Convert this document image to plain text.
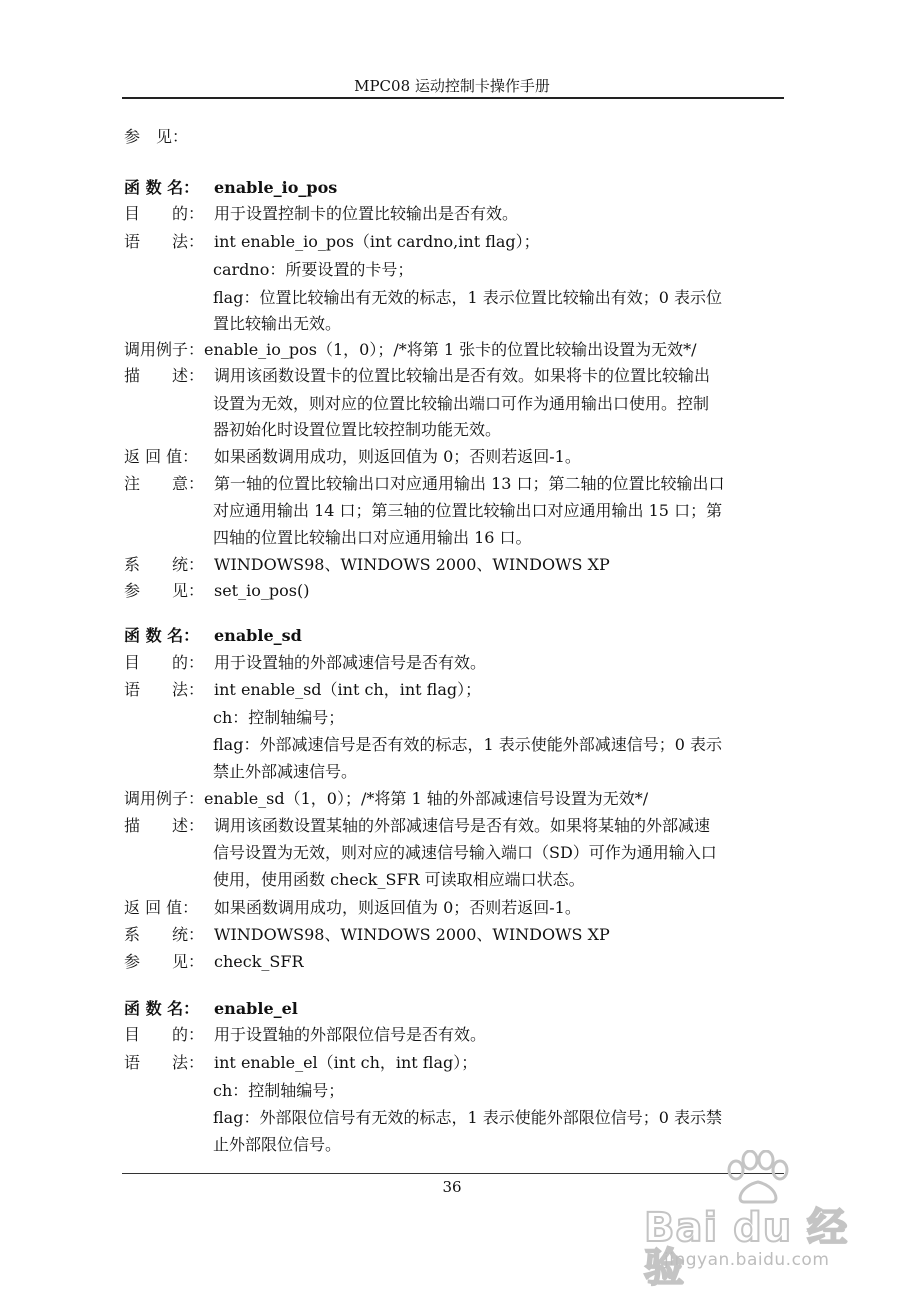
MPC08 运动控制卡操作手册
参　见：
函 数 名： enable_io_pos
目　　的： 用于设置控制卡的位置比较输出是否有效。
语　　法： int enable_io_pos（int cardno,int flag）；
cardno：所要设置的卡号；
flag：位置比较输出有无效的标志，1 表示位置比较输出有效；0 表示位
置比较输出无效。
调用例子：enable_io_pos（1，0）；/*将第 1 张卡的位置比较输出设置为无效*/
描　　述： 调用该函数设置卡的位置比较输出是否有效。如果将卡的位置比较输出
设置为无效，则对应的位置比较输出端口可作为通用输出口使用。控制
器初始化时设置位置比较控制功能无效。
返 回 值： 如果函数调用成功，则返回值为 0；否则若返回-1。
注　　意： 第一轴的位置比较输出口对应通用输出 13 口；第二轴的位置比较输出口
对应通用输出 14 口；第三轴的位置比较输出口对应通用输出 15 口；第
四轴的位置比较输出口对应通用输出 16 口。
系　　统： WINDOWS98、WINDOWS 2000、WINDOWS XP
参　　见： set_io_pos()
函 数 名： enable_sd
目　　的： 用于设置轴的外部减速信号是否有效。
语　　法： int enable_sd（int ch，int flag）；
ch：控制轴编号；
flag：外部减速信号是否有效的标志，1 表示使能外部减速信号；0 表示
禁止外部减速信号。
调用例子：enable_sd（1，0）；/*将第 1 轴的外部减速信号设置为无效*/
描　　述： 调用该函数设置某轴的外部减速信号是否有效。如果将某轴的外部减速
信号设置为无效，则对应的减速信号输入端口（SD）可作为通用输入口
使用，使用函数 check_SFR 可读取相应端口状态。
返 回 值： 如果函数调用成功，则返回值为 0；否则若返回-1。
系　　统： WINDOWS98、WINDOWS 2000、WINDOWS XP
参　　见： check_SFR
函 数 名： enable_el
目　　的： 用于设置轴的外部限位信号是否有效。
语　　法： int enable_el（int ch，int flag）；
ch：控制轴编号；
flag：外部限位信号有无效的标志，1 表示使能外部限位信号；0 表示禁
止外部限位信号。
36
Bai du 经验
jingyan.baidu.com
